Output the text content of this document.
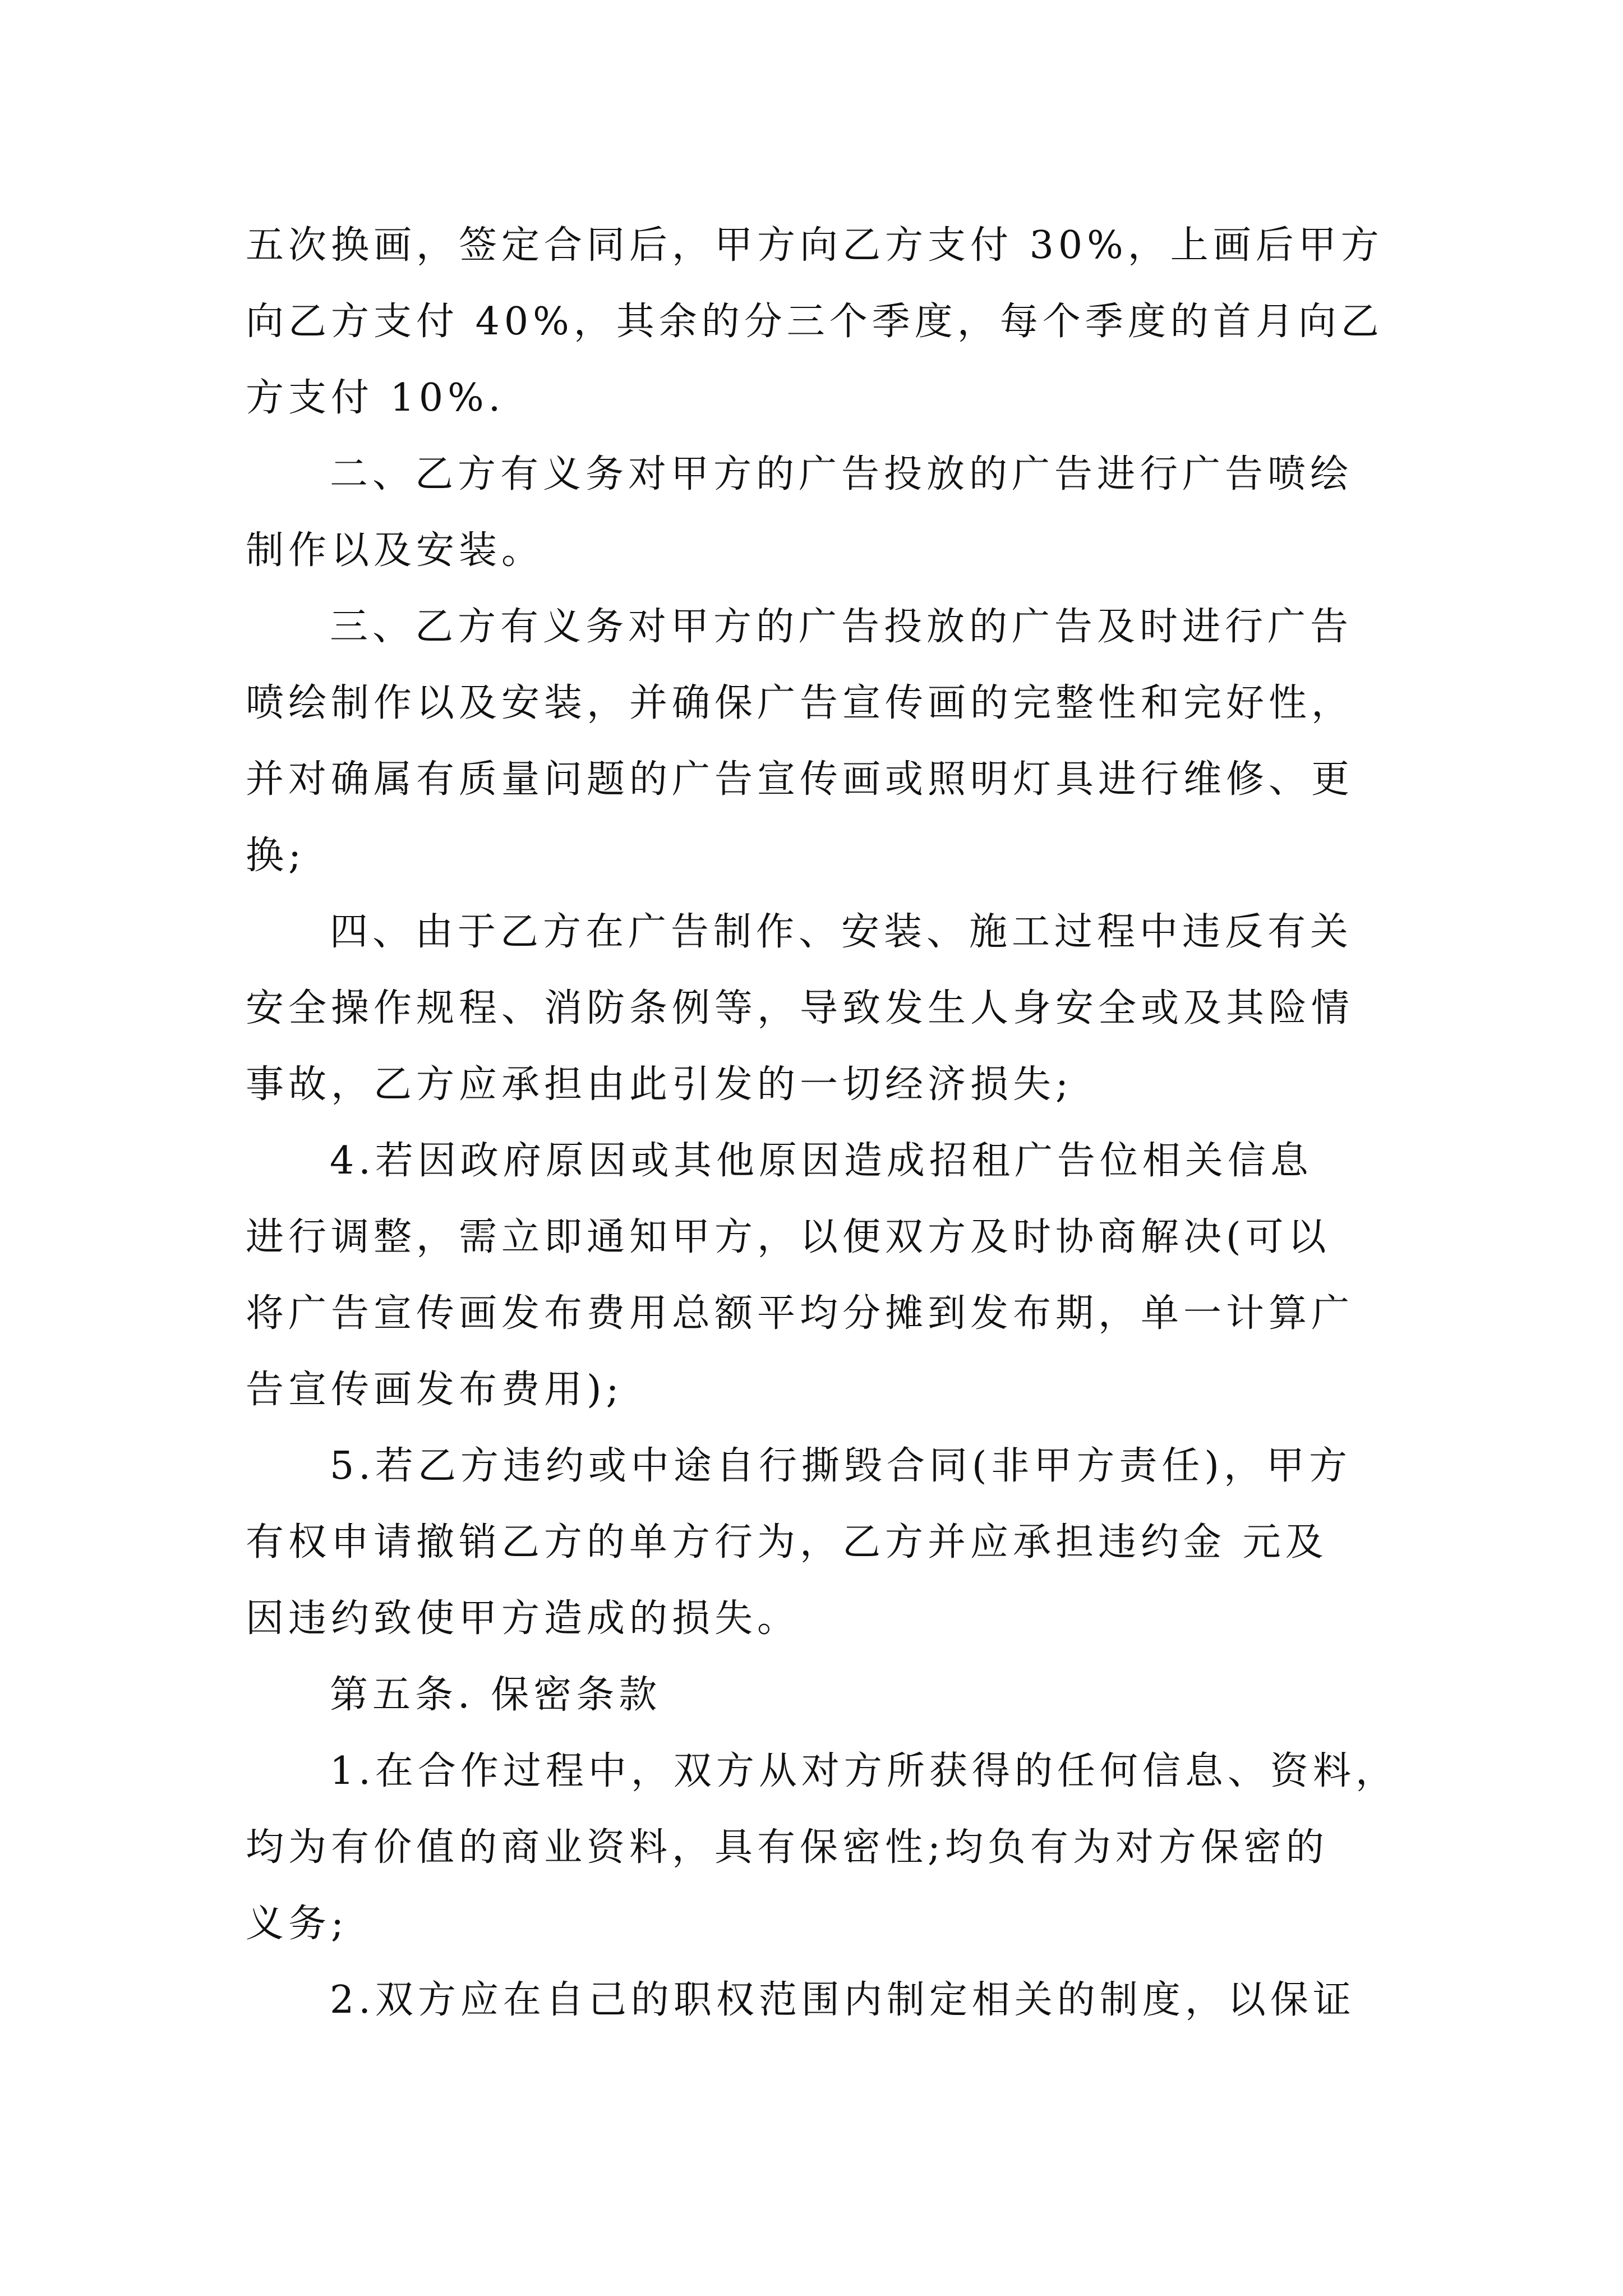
五次换画，签定合同后，甲方向乙方支付 30%，上画后甲方
向乙方支付 40%，其余的分三个季度，每个季度的首月向乙
方支付 10%.
二、乙方有义务对甲方的广告投放的广告进行广告喷绘
制作以及安装。
三、乙方有义务对甲方的广告投放的广告及时进行广告
喷绘制作以及安装，并确保广告宣传画的完整性和完好性，
并对确属有质量问题的广告宣传画或照明灯具进行维修、更
换;
四、由于乙方在广告制作、安装、施工过程中违反有关
安全操作规程、消防条例等，导致发生人身安全或及其险情
事故，乙方应承担由此引发的一切经济损失;
4.若因政府原因或其他原因造成招租广告位相关信息
进行调整，需立即通知甲方，以便双方及时协商解决(可以
将广告宣传画发布费用总额平均分摊到发布期，单一计算广
告宣传画发布费用);
5.若乙方违约或中途自行撕毁合同(非甲方责任)，甲方
有权申请撤销乙方的单方行为，乙方并应承担违约金 元及
因违约致使甲方造成的损失。
第五条. 保密条款
1.在合作过程中，双方从对方所获得的任何信息、资料，
均为有价值的商业资料，具有保密性;均负有为对方保密的
义务;
2.双方应在自己的职权范围内制定相关的制度，以保证
